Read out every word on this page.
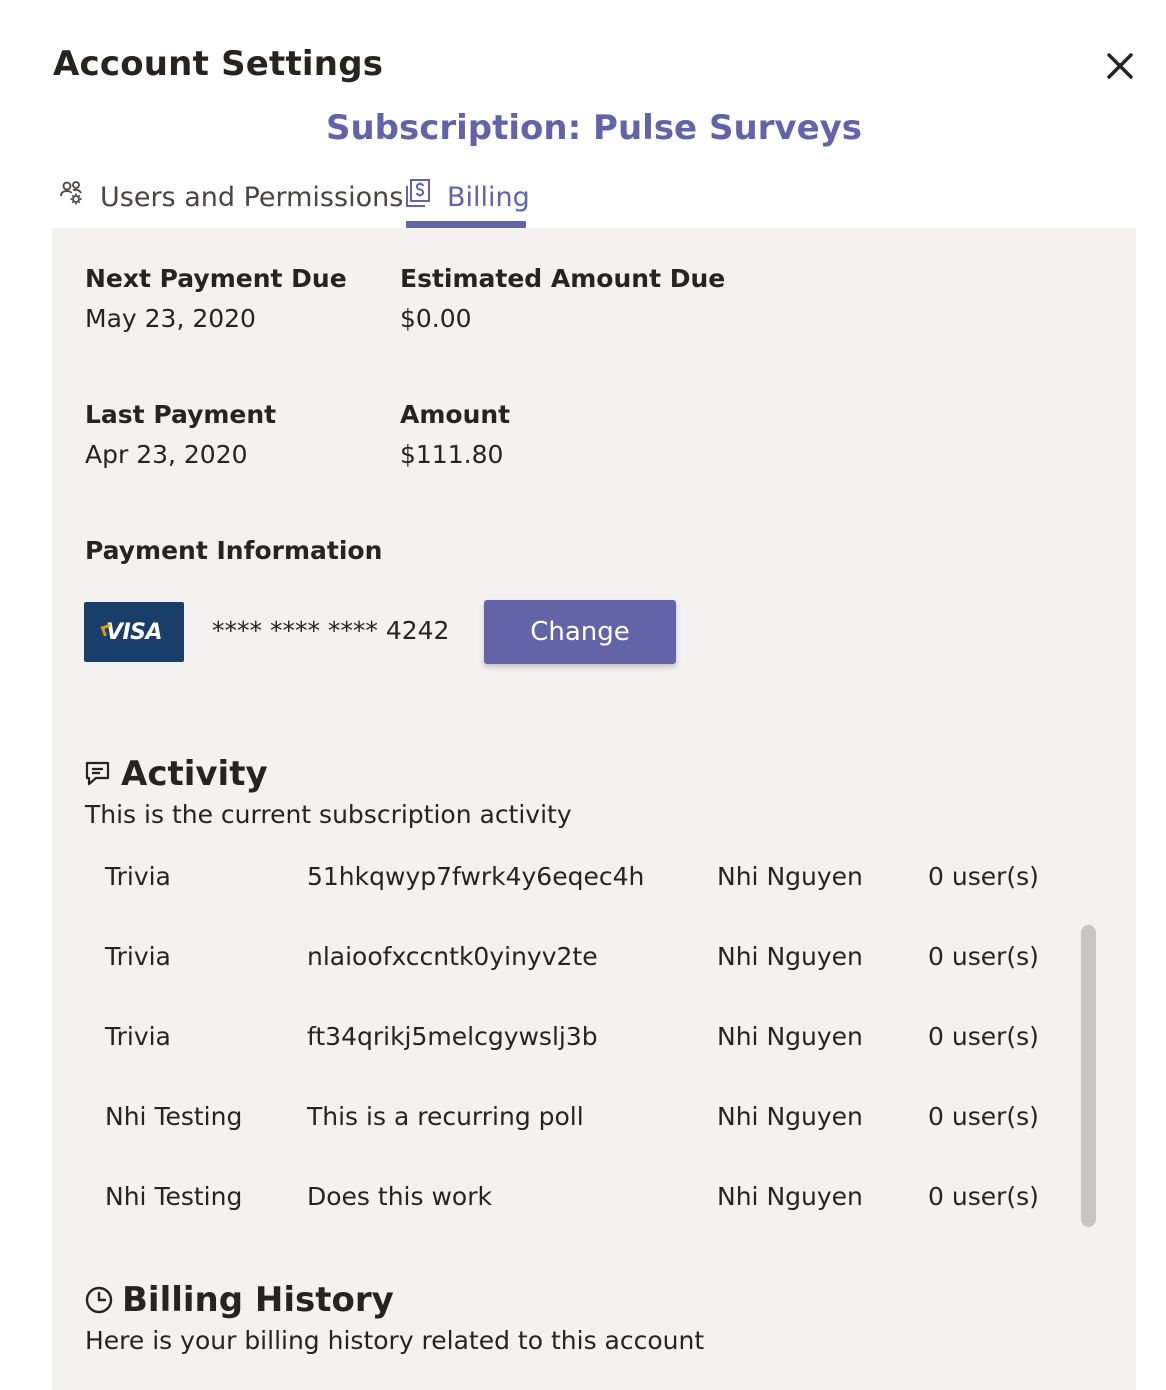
Account Settings
Subscription: Pulse Surveys
Users and Permissions Billing
Next Payment Due
May 23, 2020
Estimated Amount Due
$0.00
Last Payment
Apr 23, 2020
Amount
$111.80
Payment Information
VISA **** **** **** 4242	Change
Activity
This is the current subscription activity
Trivia	51hkqwyp7fwrk4y6eqec4h	Nhi Nguyen	0 user(s)
Trivia	nlaioofxccntk0yinyv2te	Nhi Nguyen	0 user(s)
Trivia	ft34qrikj5melcgywslj3b	Nhi Nguyen	0 user(s)
Nhi Testing	This is a recurring poll	Nhi Nguyen	0 user(s)
Nhi Testing	Does this work	Nhi Nguyen	0 user(s)
Billing History
Here is your billing history related to this account
